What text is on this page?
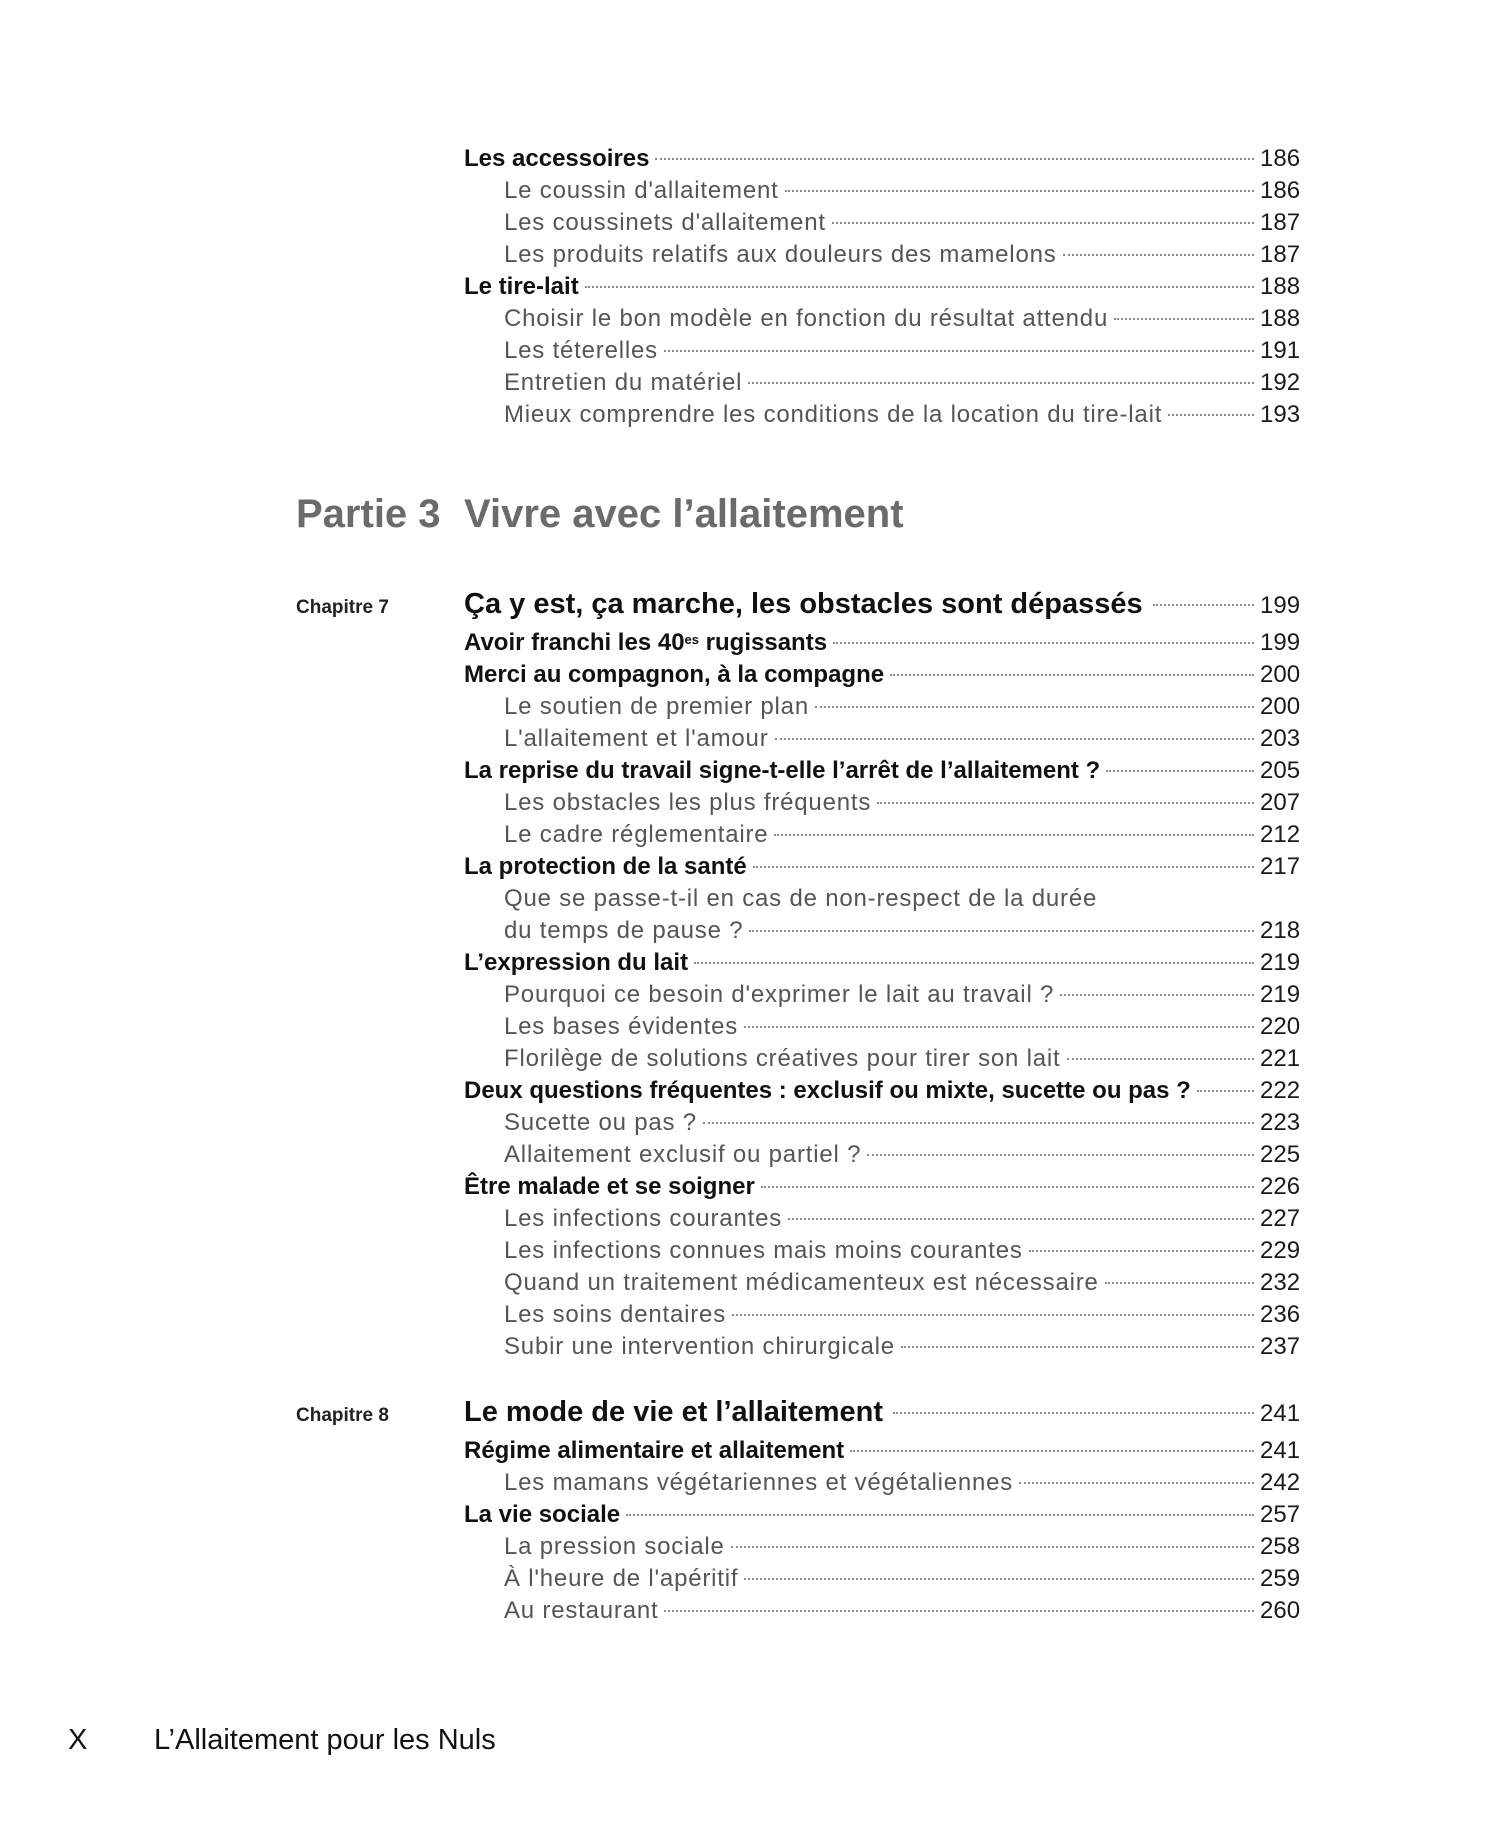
Les accessoires	186
Le coussin d'allaitement	186
Les coussinets d'allaitement	187
Les produits relatifs aux douleurs des mamelons	187
Le tire-lait	188
Choisir le bon modèle en fonction du résultat attendu	188
Les téterelles	191
Entretien du matériel	192
Mieux comprendre les conditions de la location du tire-lait	193
Partie 3 Vivre avec l’allaitement
Chapitre 7	Ça y est, ça marche, les obstacles sont dépassés	199
Avoir franchi les $40^{es}$ rugissants	199
Merci au compagnon, à la compagne	200
Le soutien de premier plan	200
L'allaitement et l'amour	203
La reprise du travail signe-t-elle l’arrêt de l’allaitement ?	205
Les obstacles les plus fréquents	207
Le cadre réglementaire	212
La protection de la santé	217
Que se passe-t-il en cas de non-respect de la durée
du temps de pause ?	218
L’expression du lait	219
Pourquoi ce besoin d'exprimer le lait au travail ?	219
Les bases évidentes	220
Florilège de solutions créatives pour tirer son lait	221
Deux questions fréquentes : exclusif ou mixte, sucette ou pas ?	222
Sucette ou pas ?	223
Allaitement exclusif ou partiel ?	225
Être malade et se soigner	226
Les infections courantes	227
Les infections connues mais moins courantes	229
Quand un traitement médicamenteux est nécessaire	232
Les soins dentaires	236
Subir une intervention chirurgicale	237
Chapitre 8	Le mode de vie et l’allaitement	241
Régime alimentaire et allaitement	241
Les mamans végétariennes et végétaliennes	242
La vie sociale	257
La pression sociale	258
À l'heure de l'apéritif	259
Au restaurant	260
X L’Allaitement pour les Nuls
